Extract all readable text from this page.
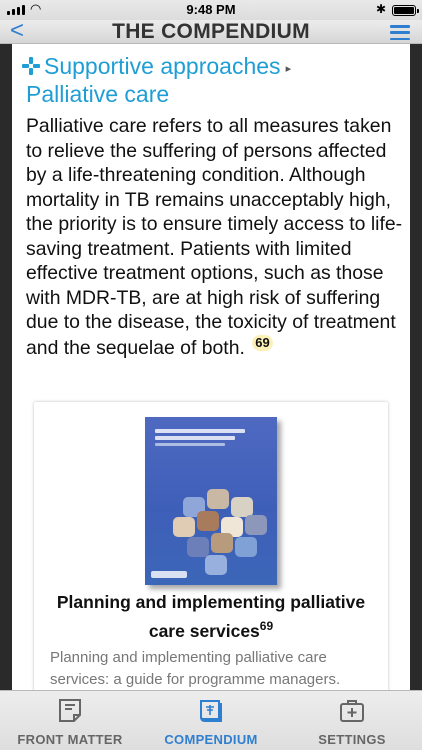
◠	9:48 PM	✱
<	THE COMPENDIUM
Supportive approaches ▸
Palliative care
Palliative care refers to all measures taken to relieve the suffering of persons affected by a life-threatening condition. Although mortality in TB remains unacceptably high, the priority is to ensure timely access to life-saving treatment. Patients with limited effective treatment options, such as those with MDR-TB, are at high risk of suffering due to the disease, the toxicity of treatment and the sequelae of both. 69
Planning and implementing palliative care services$^{69}$
Planning and implementing palliative care services: a guide for programme managers.
FRONT MATTER	COMPENDIUM	SETTINGS
